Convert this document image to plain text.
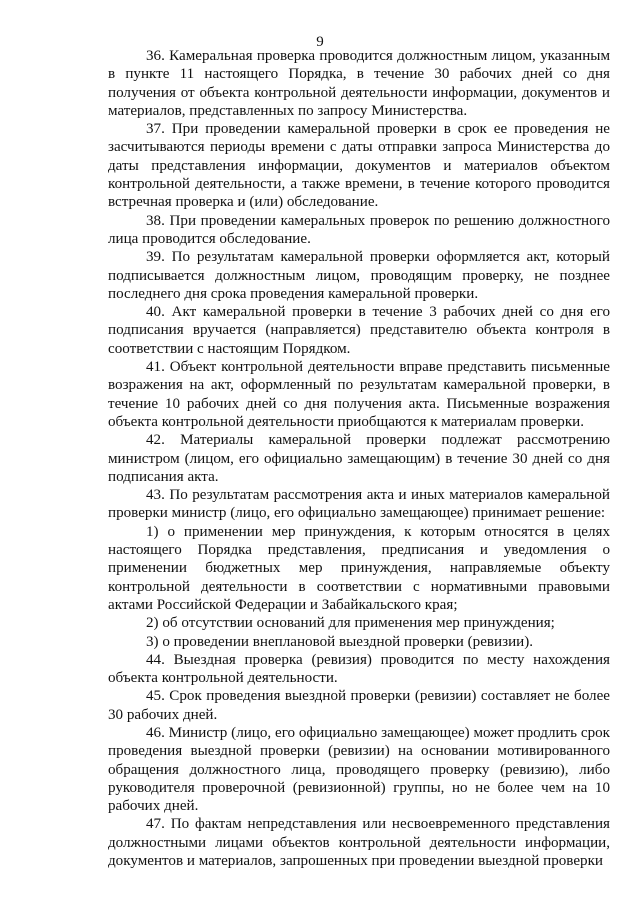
9

36. Камеральная проверка проводится должностным лицом, указанным в пункте 11 настоящего Порядка, в течение 30 рабочих дней со дня получения от объекта контрольной деятельности информации, документов и материалов, представленных по запросу Министерства.

37. При проведении камеральной проверки в срок ее проведения не засчитываются периоды времени с даты отправки запроса Министерства до даты представления информации, документов и материалов объектом контрольной деятельности, а также времени, в течение которого проводится встречная проверка и (или) обследование.

38. При проведении камеральных проверок по решению должностного лица проводится обследование.

39. По результатам камеральной проверки оформляется акт, который подписывается должностным лицом, проводящим проверку, не позднее последнего дня срока проведения камеральной проверки.

40. Акт камеральной проверки в течение 3 рабочих дней со дня его подписания вручается (направляется) представителю объекта контроля в соответствии с настоящим Порядком.

41. Объект контрольной деятельности вправе представить письменные возражения на акт, оформленный по результатам камеральной проверки, в течение 10 рабочих дней со дня получения акта. Письменные возражения объекта контрольной деятельности приобщаются к материалам проверки.

42. Материалы камеральной проверки подлежат рассмотрению министром (лицом, его официально замещающим) в течение 30 дней со дня подписания акта.

43. По результатам рассмотрения акта и иных материалов камеральной проверки министр (лицо, его официально замещающее) принимает решение:

1) о применении мер принуждения, к которым относятся в целях настоящего Порядка представления, предписания и уведомления о применении бюджетных мер принуждения, направляемые объекту контрольной деятельности в соответствии с нормативными правовыми актами Российской Федерации и Забайкальского края;

2) об отсутствии оснований для применения мер принуждения;

3) о проведении внеплановой выездной проверки (ревизии).

44. Выездная проверка (ревизия) проводится по месту нахождения объекта контрольной деятельности.

45. Срок проведения выездной проверки (ревизии) составляет не более 30 рабочих дней.

46. Министр (лицо, его официально замещающее) может продлить срок проведения выездной проверки (ревизии) на основании мотивированного обращения должностного лица, проводящего проверку (ревизию), либо руководителя проверочной (ревизионной) группы, но не более чем на 10 рабочих дней.

47. По фактам непредставления или несвоевременного представления должностными лицами объектов контрольной деятельности информации, документов и материалов, запрошенных при проведении выездной проверки
